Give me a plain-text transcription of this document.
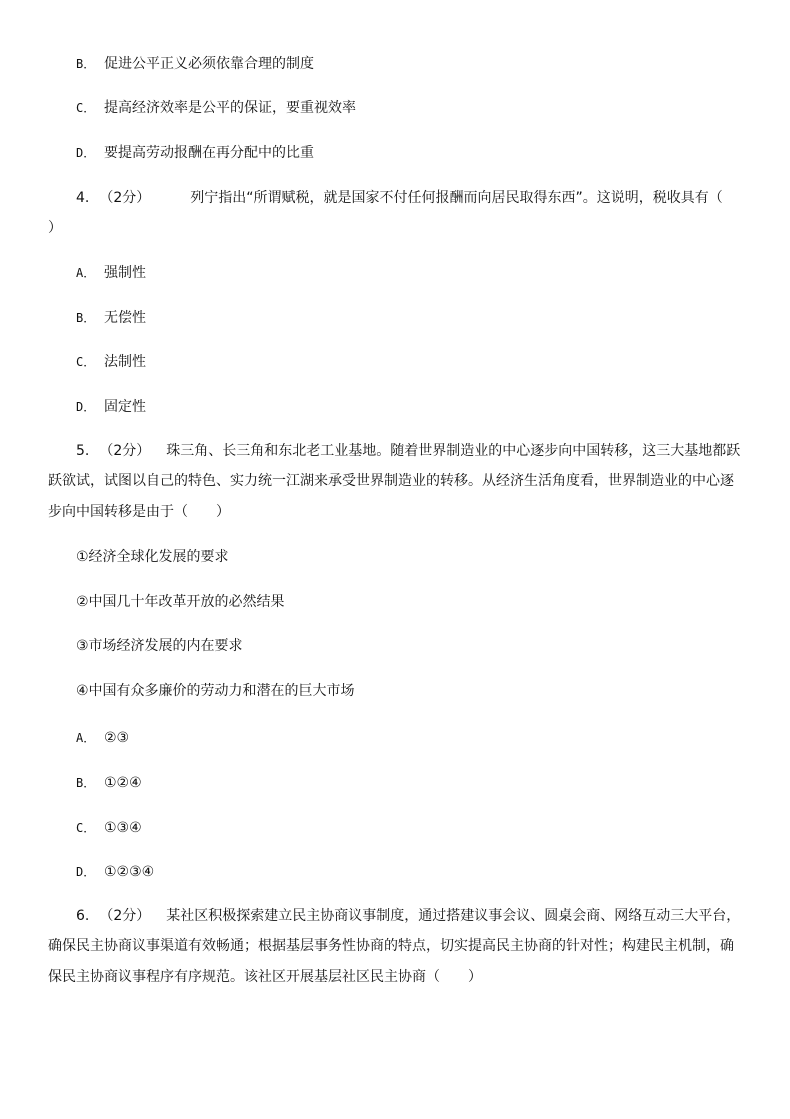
B． 促进公平正义必须依靠合理的制度
C． 提高经济效率是公平的保证，要重视效率
D． 要提高劳动报酬在再分配中的比重
4. （2分）	列宁指出“所谓赋税，就是国家不付任何报酬而向居民取得东西”。这说明，税收具有（
）
A． 强制性
B． 无偿性
C． 法制性
D． 固定性
5. （2分） 珠三角、长三角和东北老工业基地。随着世界制造业的中心逐步向中国转移，这三大基地都跃
跃欲试，试图以自己的特色、实力统一江湖来承受世界制造业的转移。从经济生活角度看，世界制造业的中心逐
步向中国转移是由于（　　）
①经济全球化发展的要求
②中国几十年改革开放的必然结果
③市场经济发展的内在要求
④中国有众多廉价的劳动力和潜在的巨大市场
A． ②③
B． ①②④
C． ①③④
D． ①②③④
6. （2分） 某社区积极探索建立民主协商议事制度，通过搭建议事会议、圆桌会商、网络互动三大平台，
确保民主协商议事渠道有效畅通；根据基层事务性协商的特点，切实提高民主协商的针对性；构建民主机制，确
保民主协商议事程序有序规范。该社区开展基层社区民主协商（　　）
